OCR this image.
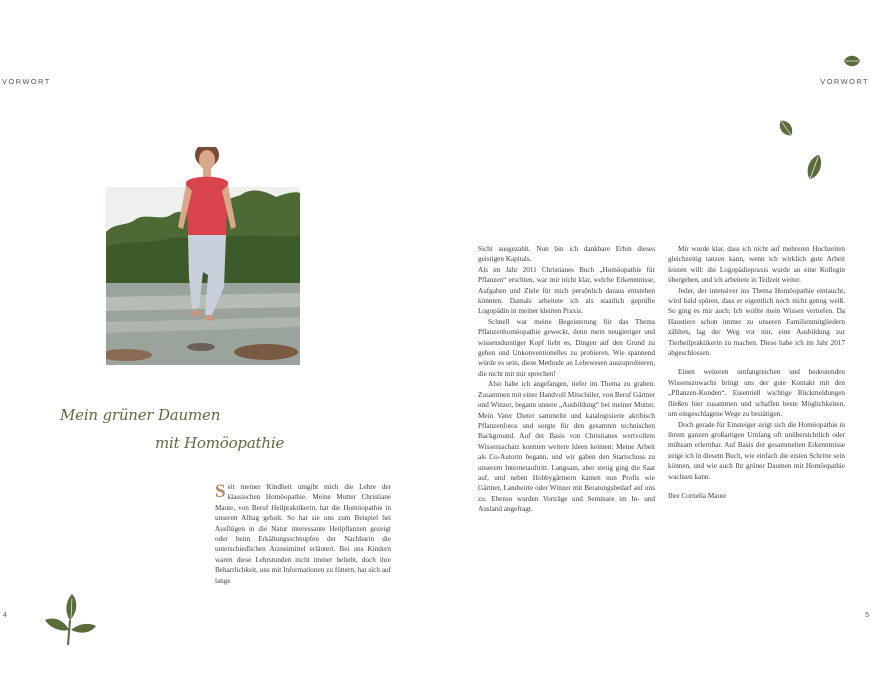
VORWORT	VORWORT
Mein grüner Daumen
mit Homöopathie

Seit meiner Kindheit umgibt mich die Lehre der klassischen Homöopathie. Meine Mutter Christiane Maute, von Beruf Heilpraktikerin, hat die Homöopathie in unseren Alltag geholt. So hat sie uns zum Beispiel bei Ausflügen in die Natur interessante Heilpflanzen gezeigt oder beim Erkältungsschnupfen der Nachbarin die unterschiedlichen Arzneimittel erläutert. Bei uns Kindern waren diese Lehrstunden nicht immer beliebt, doch ihre Beharrlichkeit, uns mit Informationen zu füttern, hat sich auf lange

Sicht ausgezahlt. Nun bin ich dankbare Erbin dieses geistigen Kapitals.

Als im Jahr 2011 Christianes Buch „Homöopathie für Pflanzen“ erschien, war mir nicht klar, welche Erkenntnisse, Aufgaben und Ziele für mich persönlich daraus entstehen könnten. Damals arbeitete ich als staatlich geprüfte Logopädin in meiner kleinen Praxis.

Schnell war meine Begeisterung für das Thema Pflanzenhomöopathie geweckt, denn mein neugieriger und wissensdurstiger Kopf liebt es, Dingen auf den Grund zu gehen und Unkonventionelles zu probieren. Wie spannend würde es sein, diese Methode an Lebewesen auszuprobieren, die nicht mit mir sprechen!

Also habe ich angefangen, tiefer im Thema zu graben. Zusammen mit einer Handvoll Mitschüler, von Beruf Gärtner und Winzer, begann unsere „Ausbildung“ bei meiner Mutter. Mein Vater Dieter sammelte und katalogisierte akribisch Pflanzenfotos und sorgte für den gesamten technischen Background. Auf der Basis von Christianes wertvollem Wissensschatz konnten weitere Ideen keimen: Meine Arbeit als Co-Autorin begann, und wir gaben den Startschuss zu unserem Internetauftritt. Langsam, aber stetig ging die Saat auf, und neben Hobbygärtnern kamen nun Profis wie Gärtner, Landwirte oder Winzer mit Beratungsbedarf auf uns zu. Ebenso wurden Vorträge und Seminare im In- und Ausland angefragt.

Mir wurde klar, dass ich nicht auf mehreren Hochzeiten gleichzeitig tanzen kann, wenn ich wirklich gute Arbeit leisten will: die Logopädiepraxis wurde an eine Kollegin übergeben, und ich arbeitete in Teilzeit weiter.

Jeder, der intensiver ins Thema Homöopathie eintaucht, wird bald spüren, dass er eigentlich noch nicht genug weiß. So ging es mir auch: Ich wollte mein Wissen vertiefen. Da Haustiere schon immer zu unseren Familienmitgliedern zählten, lag der Weg vor mir, eine Ausbildung zur Tierheilpraktikerin zu machen. Diese habe ich im Jahr 2017 abgeschlossen.

Einen weiteren umfangreichen und bedeutenden Wissenszuwachs bringt uns der gute Kontakt mit den „Pflanzen-Kunden“. Essentiell wichtige Rückmeldungen fließen hier zusammen und schaffen beste Möglichkeiten, um eingeschlagene Wege zu bestätigen.

Doch gerade für Einsteiger zeigt sich die Homöopathie in ihrem ganzen großartigen Umfang oft unübersichtlich oder mühsam erlernbar. Auf Basis der gesammelten Erkenntnisse zeige ich in diesem Buch, wie einfach die ersten Schritte sein können, und wie auch Ihr grüner Daumen mit Homöopathie wachsen kann.

Ihre Cornelia Maute

4	5
